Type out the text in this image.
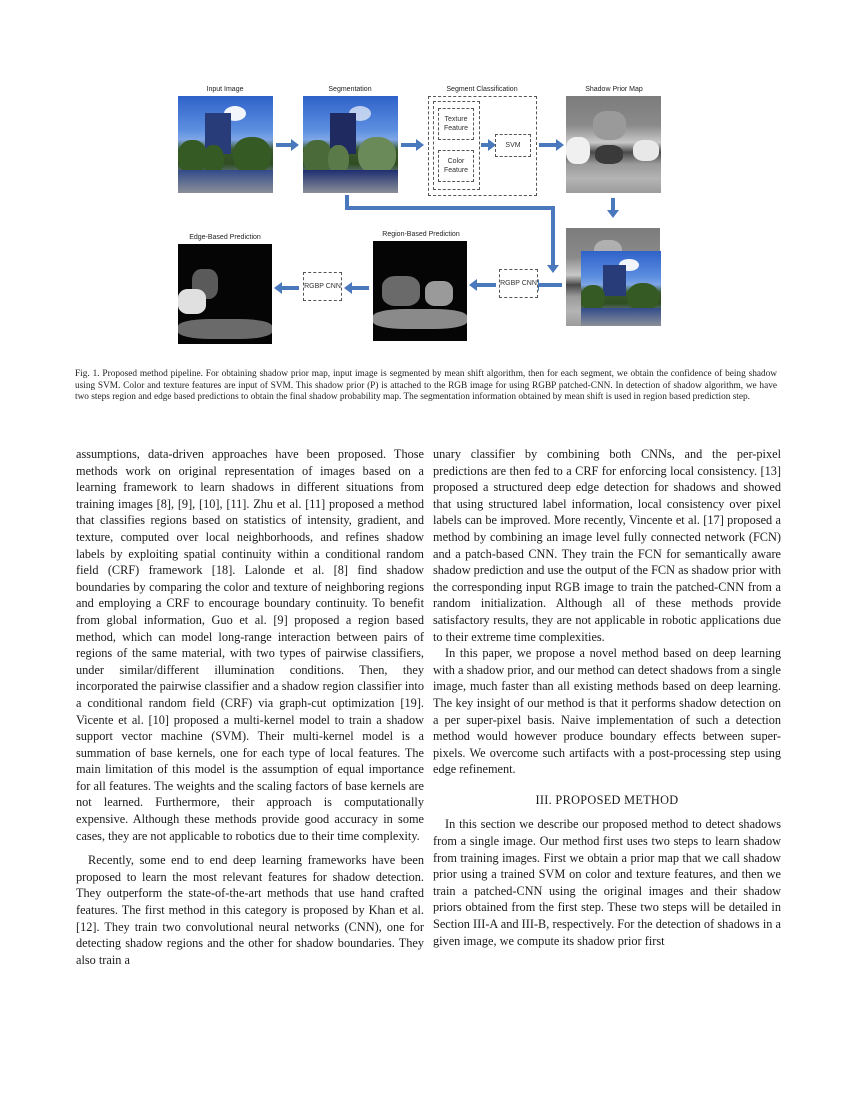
Input Image	Segmentation	Segment Classification	Shadow Prior Map
Texture Feature
Color Feature
SVM
RGBP CNN
Region-Based Prediction
RGBP CNN
Edge-Based Prediction
Fig. 1. Proposed method pipeline. For obtaining shadow prior map, input image is segmented by mean shift algorithm, then for each segment, we obtain the confidence of being shadow using SVM. Color and texture features are input of SVM. This shadow prior (P) is attached to the RGB image for using RGBP patched-CNN. In detection of shadow algorithm, we have two steps region and edge based predictions to obtain the final shadow probability map. The segmentation information obtained by mean shift is used in region based prediction step.

assumptions, data-driven approaches have been proposed. Those methods work on original representation of images based on a learning framework to learn shadows in different situations from training images [8], [9], [10], [11]. Zhu et al. [11] proposed a method that classifies regions based on statistics of intensity, gradient, and texture, computed over local neighborhoods, and refines shadow labels by exploiting spatial continuity within a conditional random field (CRF) framework [18]. Lalonde et al. [8] find shadow boundaries by comparing the color and texture of neighboring regions and employing a CRF to encourage boundary continuity. To benefit from global information, Guo et al. [9] proposed a region based method, which can model long-range interaction between pairs of regions of the same material, with two types of pairwise classifiers, under similar/different illumination conditions. Then, they incorporated the pairwise classifier and a shadow region classifier into a conditional random field (CRF) via graph-cut optimization [19]. Vicente et al. [10] proposed a multi-kernel model to train a shadow support vector machine (SVM). Their multi-kernel model is a summation of base kernels, one for each type of local features. The main limitation of this model is the assumption of equal importance for all features. The weights and the scaling factors of base kernels are not learned. Furthermore, their approach is computationally expensive. Although these methods provide good accuracy in some cases, they are not applicable to robotics due to their time complexity.

Recently, some end to end deep learning frameworks have been proposed to learn the most relevant features for shadow detection. They outperform the state-of-the-art methods that use hand crafted features. The first method in this category is proposed by Khan et al. [12]. They train two convolutional neural networks (CNN), one for detecting shadow regions and the other for shadow boundaries. They also train a

unary classifier by combining both CNNs, and the per-pixel predictions are then fed to a CRF for enforcing local consistency. [13] proposed a structured deep edge detection for shadows and showed that using structured label information, local consistency over pixel labels can be improved. More recently, Vincente et al. [17] proposed a method by combining an image level fully connected network (FCN) and a patch-based CNN. They train the FCN for semantically aware shadow prediction and use the output of the FCN as shadow prior with the corresponding input RGB image to train the patched-CNN from a random initialization. Although all of these methods provide satisfactory results, they are not applicable in robotic applications due to their extreme time complexities.

In this paper, we propose a novel method based on deep learning with a shadow prior, and our method can detect shadows from a single image, much faster than all existing methods based on deep learning. The key insight of our method is that it performs shadow detection on a per super-pixel basis. Naive implementation of such a detection method would however produce boundary effects between super-pixels. We overcome such artifacts with a post-processing step using edge refinement.

III. PROPOSED METHOD

In this section we describe our proposed method to detect shadows from a single image. Our method first uses two steps to learn shadow from training images. First we obtain a prior map that we call shadow prior using a trained SVM on color and texture features, and then we train a patched-CNN using the original images and their shadow priors obtained from the first step. These two steps will be detailed in Section III-A and III-B, respectively. For the detection of shadows in a given image, we compute its shadow prior first
